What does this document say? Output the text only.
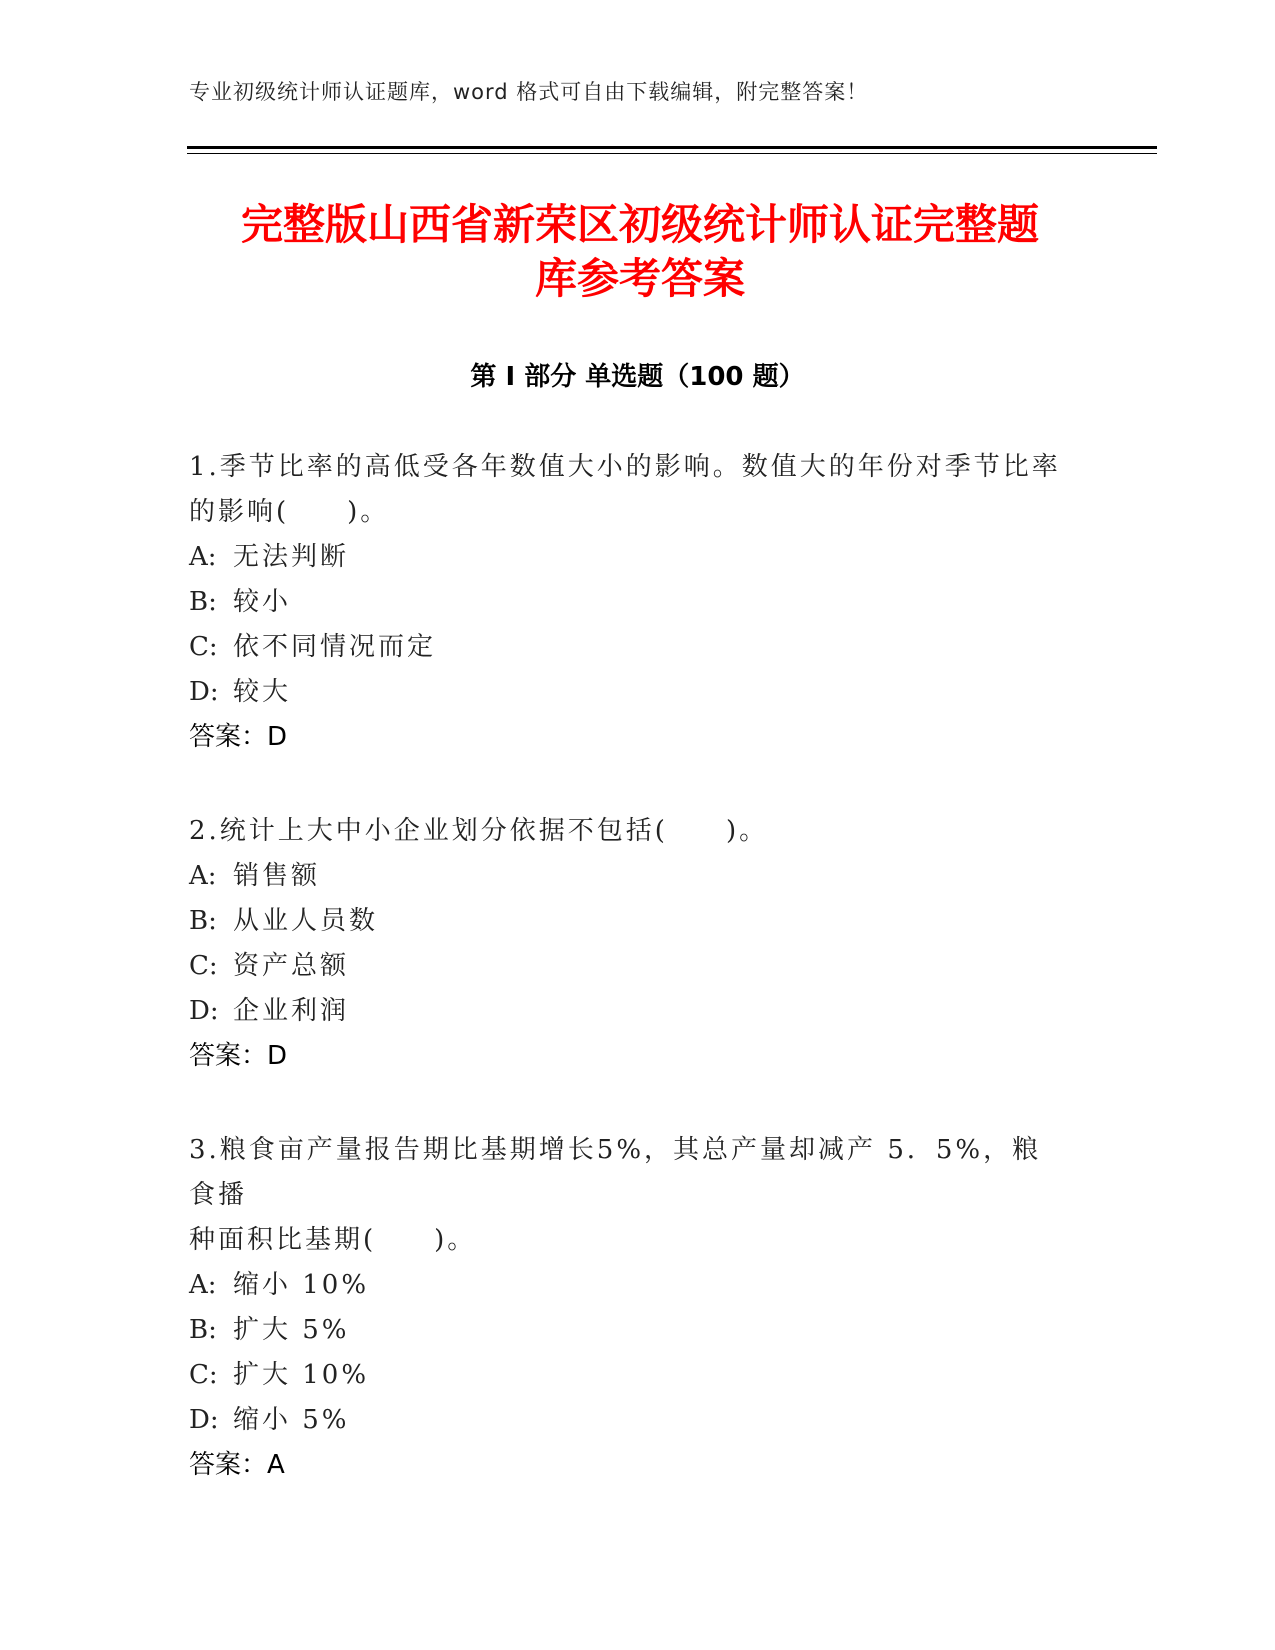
专业初级统计师认证题库，word 格式可自由下载编辑，附完整答案！
完整版山西省新荣区初级统计师认证完整题
库参考答案
第 I 部分 单选题（100 题）
1.季节比率的高低受各年数值大小的影响。数值大的年份对季节比率
的影响(　　)。
A: 无法判断
B: 较小
C: 依不同情况而定
D: 较大
答案：D
2.统计上大中小企业划分依据不包括(　　)。
A: 销售额
B: 从业人员数
C: 资产总额
D: 企业利润
答案：D
3.粮食亩产量报告期比基期增长5%，其总产量却减产 5．5%，粮食播
种面积比基期(　　)。
A: 缩小 10%
B: 扩大 5%
C: 扩大 10%
D: 缩小 5%
答案：A
